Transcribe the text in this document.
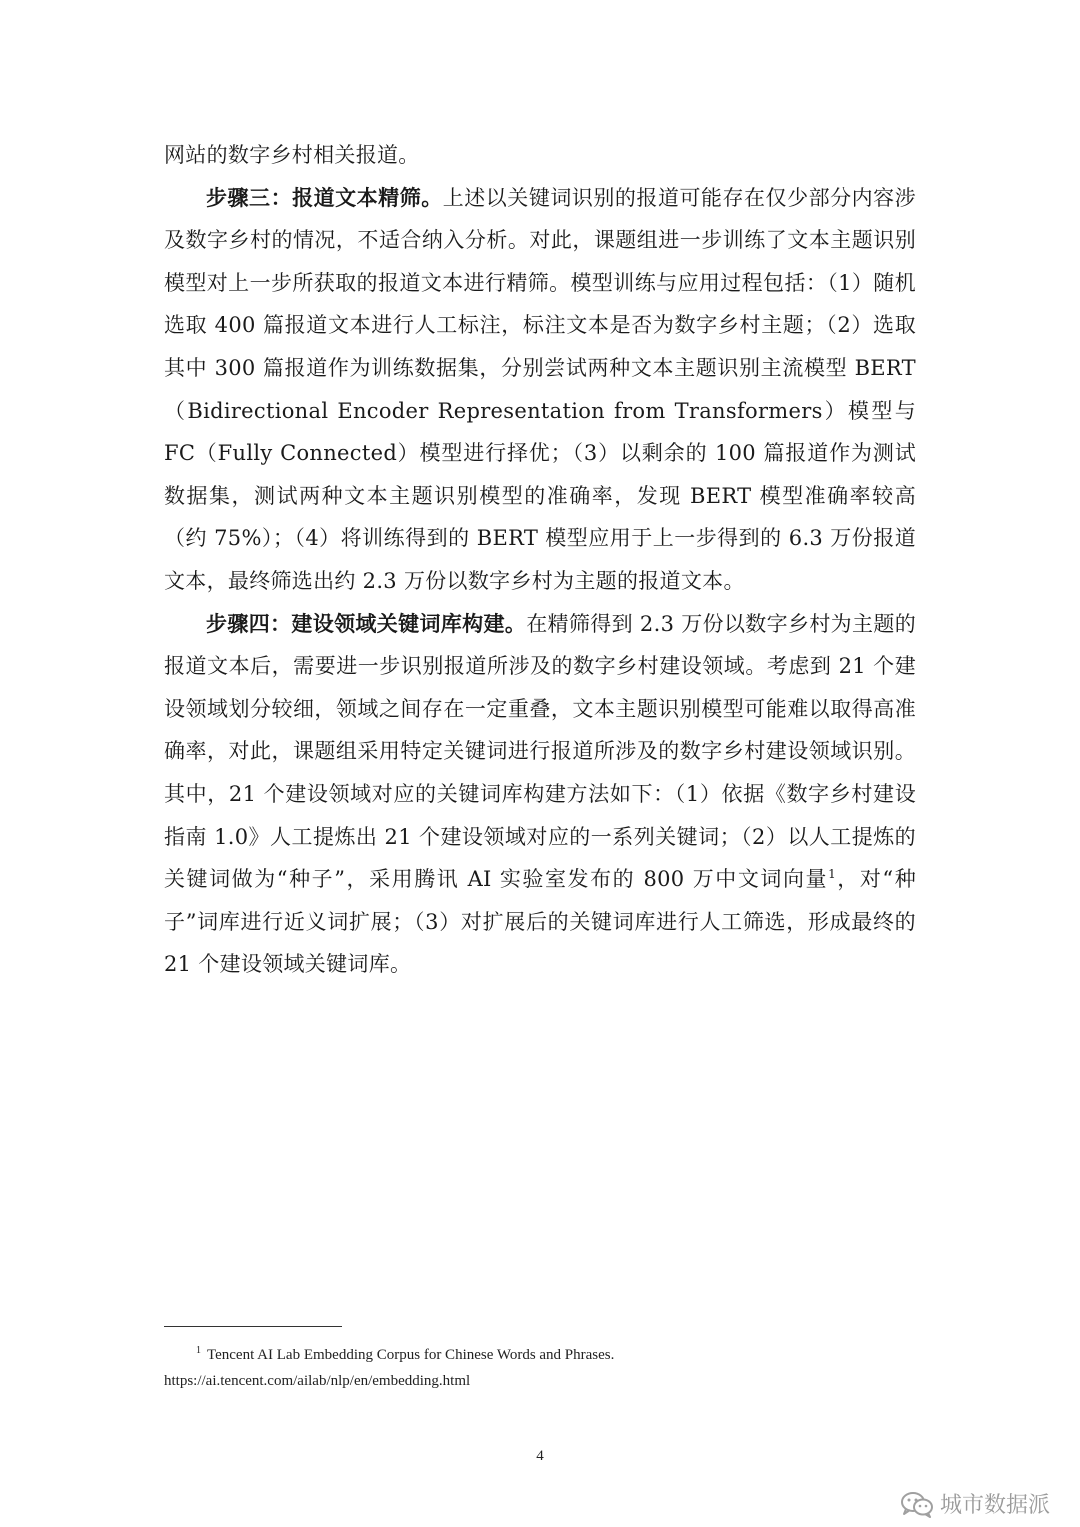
网站的数字乡村相关报道。

步骤三：报道文本精筛。上述以关键词识别的报道可能存在仅少部分内容涉及数字乡村的情况，不适合纳入分析。对此，课题组进一步训练了文本主题识别模型对上一步所获取的报道文本进行精筛。模型训练与应用过程包括：（1）随机选取 400 篇报道文本进行人工标注，标注文本是否为数字乡村主题；（2）选取其中 300 篇报道作为训练数据集，分别尝试两种文本主题识别主流模型 BERT（Bidirectional Encoder Representation from Transformers）模型与 FC（Fully Connected）模型进行择优；（3）以剩余的 100 篇报道作为测试数据集，测试两种文本主题识别模型的准确率，发现 BERT 模型准确率较高（约 75%）；（4）将训练得到的 BERT 模型应用于上一步得到的 6.3 万份报道文本，最终筛选出约 2.3 万份以数字乡村为主题的报道文本。

步骤四：建设领域关键词库构建。在精筛得到 2.3 万份以数字乡村为主题的报道文本后，需要进一步识别报道所涉及的数字乡村建设领域。考虑到 21 个建设领域划分较细，领域之间存在一定重叠，文本主题识别模型可能难以取得高准确率，对此，课题组采用特定关键词进行报道所涉及的数字乡村建设领域识别。其中，21 个建设领域对应的关键词库构建方法如下：（1）依据《数字乡村建设指南 1.0》人工提炼出 21 个建设领域对应的一系列关键词；（2）以人工提炼的关键词做为“种子”，采用腾讯 AI 实验室发布的 800 万中文词向量$^1$，对“种子”词库进行近义词扩展；（3）对扩展后的关键词库进行人工筛选，形成最终的 21 个建设领域关键词库。

$^1$ Tencent AI Lab Embedding Corpus for Chinese Words and Phrases.
https://ai.tencent.com/ailab/nlp/en/embedding.html
4
城市数据派
